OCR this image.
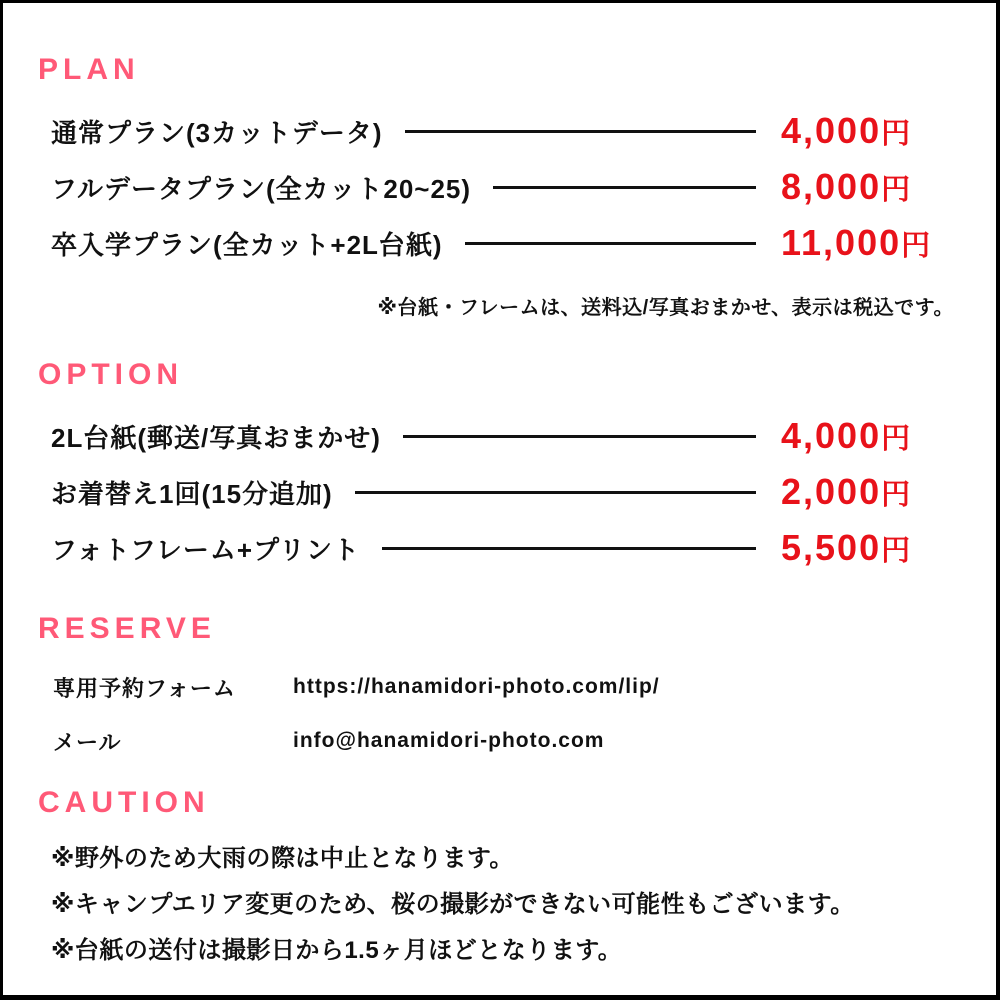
PLAN
通常プラン(3カットデータ)	4,000円
フルデータプラン(全カット20~25)	8,000円
卒入学プラン(全カット+2L台紙)	11,000円
※台紙・フレームは、送料込/写真おまかせ、表示は税込です。
OPTION
2L台紙(郵送/写真おまかせ)	4,000円
お着替え1回(15分追加)	2,000円
フォトフレーム+プリント	5,500円
RESERVE
専用予約フォーム	https://hanamidori-photo.com/lip/
メール	info@hanamidori-photo.com
CAUTION
※野外のため大雨の際は中止となります。
※キャンプエリア変更のため、桜の撮影ができない可能性もございます。
※台紙の送付は撮影日から1.5ヶ月ほどとなります。
